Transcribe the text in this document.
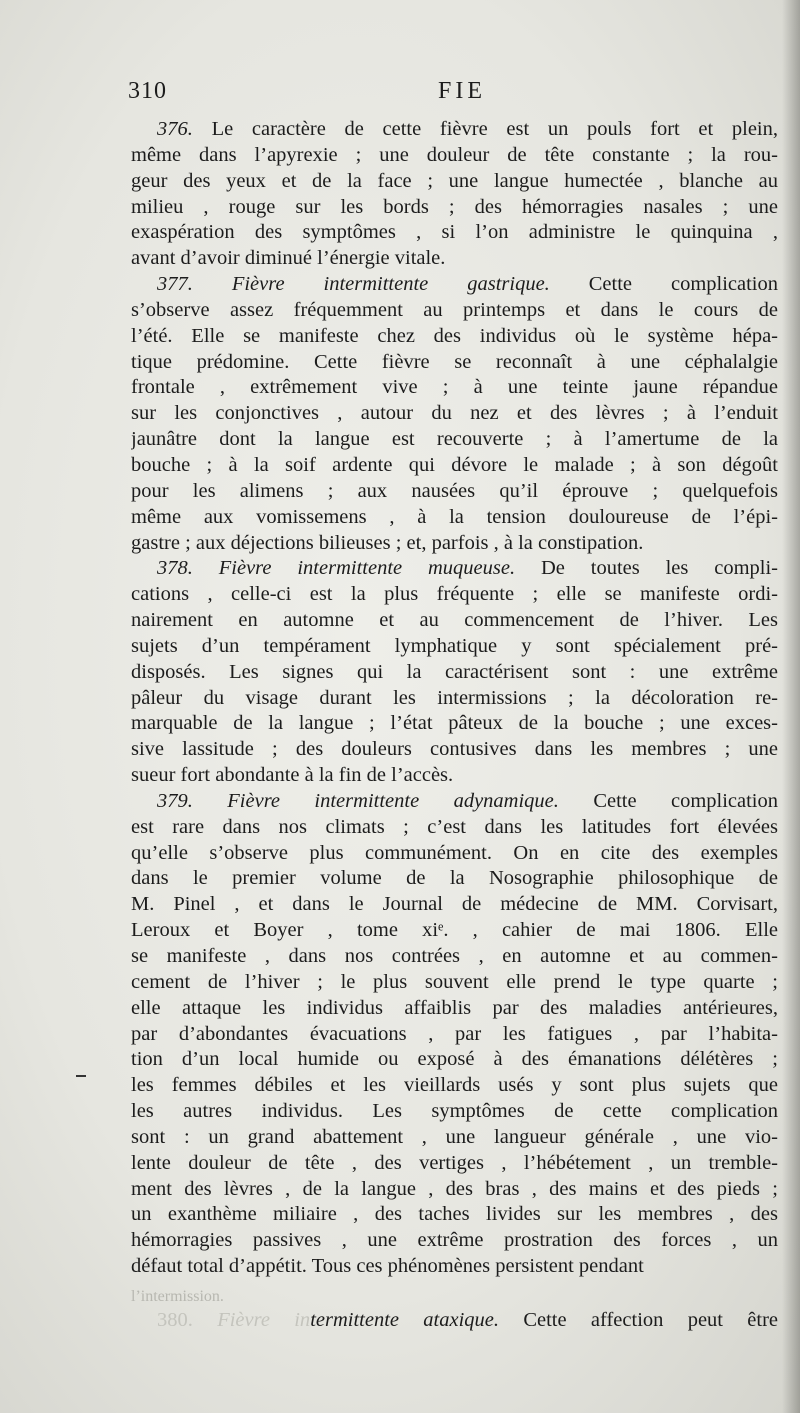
310	FIE
376. Le caractère de cette fièvre est un pouls fort et plein,
même dans l’apyrexie ; une douleur de tête constante ; la rou-
geur des yeux et de la face ; une langue humectée , blanche au
milieu , rouge sur les bords ; des hémorragies nasales ; une
exaspération des symptômes , si l’on administre le quinquina ,
avant d’avoir diminué l’énergie vitale.
377. Fièvre intermittente gastrique. Cette complication
s’observe assez fréquemment au printemps et dans le cours de
l’été. Elle se manifeste chez des individus où le système hépa-
tique prédomine. Cette fièvre se reconnaît à une céphalalgie
frontale , extrêmement vive ; à une teinte jaune répandue
sur les conjonctives , autour du nez et des lèvres ; à l’enduit
jaunâtre dont la langue est recouverte ; à l’amertume de la
bouche ; à la soif ardente qui dévore le malade ; à son dégoût
pour les alimens ; aux nausées qu’il éprouve ; quelquefois
même aux vomissemens , à la tension douloureuse de l’épi-
gastre ; aux déjections bilieuses ; et, parfois , à la constipation.
378. Fièvre intermittente muqueuse. De toutes les compli-
cations , celle-ci est la plus fréquente ; elle se manifeste ordi-
nairement en automne et au commencement de l’hiver. Les
sujets d’un tempérament lymphatique y sont spécialement pré-
disposés. Les signes qui la caractérisent sont : une extrême
pâleur du visage durant les intermissions ; la décoloration re-
marquable de la langue ; l’état pâteux de la bouche ; une exces-
sive lassitude ; des douleurs contusives dans les membres ; une
sueur fort abondante à la fin de l’accès.
379. Fièvre intermittente adynamique. Cette complication
est rare dans nos climats ; c’est dans les latitudes fort élevées
qu’elle s’observe plus communément. On en cite des exemples
dans le premier volume de la Nosographie philosophique de
M. Pinel , et dans le Journal de médecine de MM. Corvisart,
Leroux et Boyer , tome xiᵉ. , cahier de mai 1806. Elle
se manifeste , dans nos contrées , en automne et au commen-
cement de l’hiver ; le plus souvent elle prend le type quarte ;
elle attaque les individus affaiblis par des maladies antérieures,
par d’abondantes évacuations , par les fatigues , par l’habita-
tion d’un local humide ou exposé à des émanations délétères ;
les femmes débiles et les vieillards usés y sont plus sujets que
les autres individus. Les symptômes de cette complication
sont : un grand abattement , une langueur générale , une vio-
lente douleur de tête , des vertiges , l’hébétement , un tremble-
ment des lèvres , de la langue , des bras , des mains et des pieds ;
un exanthème miliaire , des taches livides sur les membres , des
hémorragies passives , une extrême prostration des forces , un
défaut total d’appétit. Tous ces phénomènes persistent pendant
l’intermission.
380. Fièvre intermittente ataxique. Cette affection peut être
